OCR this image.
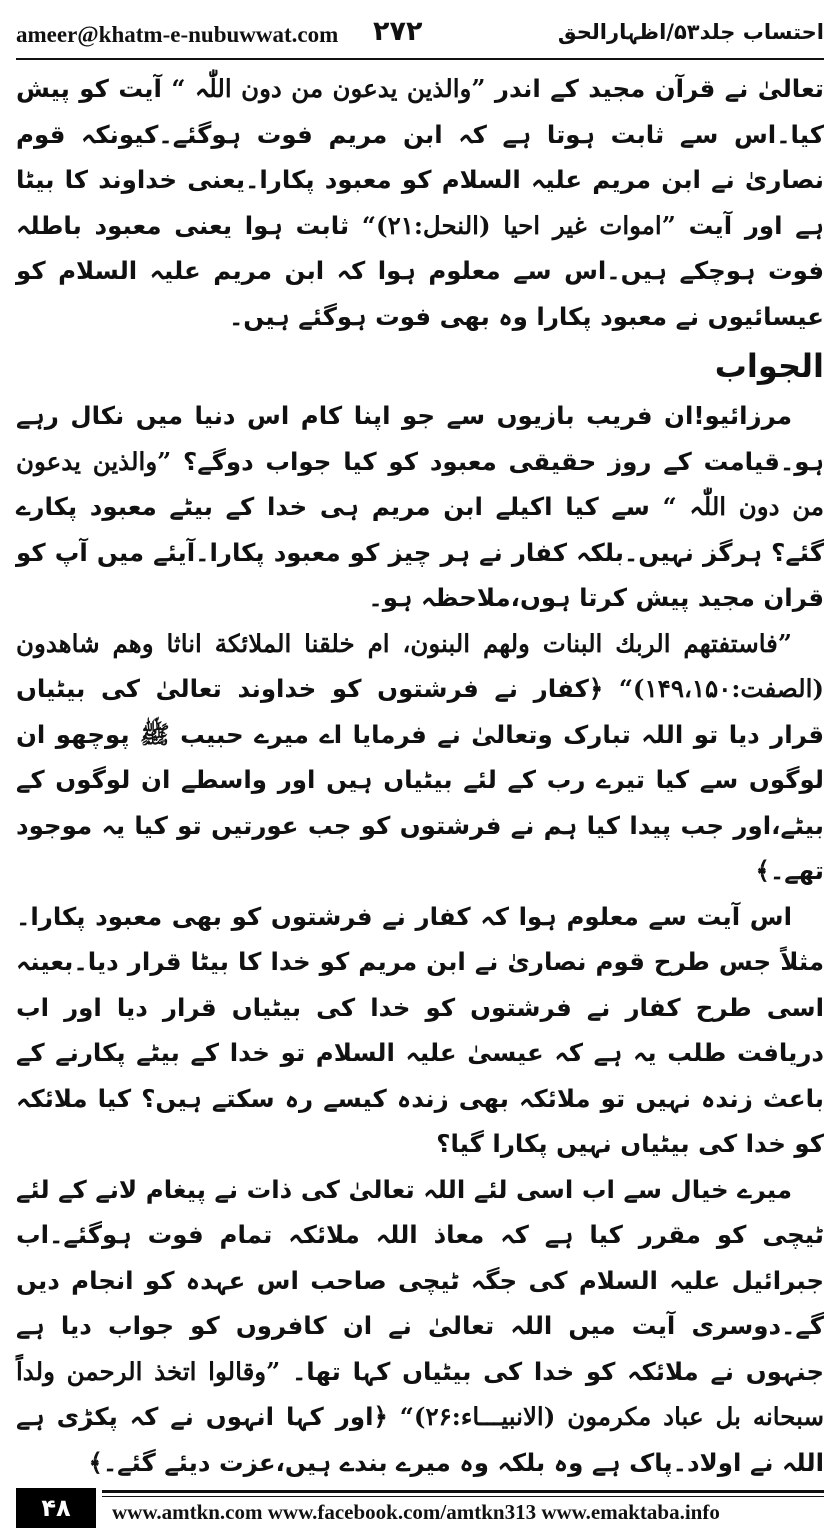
ameer@khatm-e-nubuwwat.com ۲۷۲	احتساب جلد۵۳/اظہارالحق

تعالیٰ نے قرآن مجید کے اندر ”والذین یدعون من دون اللّٰہ “ آیت کو پیش کیا۔اس سے ثابت ہوتا ہے کہ ابن مریم فوت ہوگئے۔کیونکہ قوم نصاریٰ نے ابن مریم علیہ السلام کو معبود پکارا۔یعنی خداوند کا بیٹا ہے اور آیت ”اموات غیر احیا (النحل:۲۱)“ ثابت ہوا یعنی معبود باطلہ فوت ہوچکے ہیں۔اس سے معلوم ہوا کہ ابن مریم علیہ السلام کو عیسائیوں نے معبود پکارا وہ بھی فوت ہوگئے ہیں۔

الجواب

مرزائیو!ان فریب بازیوں سے جو اپنا کام اس دنیا میں نکال رہے ہو۔قیامت کے روز حقیقی معبود کو کیا جواب دوگے؟ ”والذین یدعون من دون اللّٰہ “ سے کیا اکیلے ابن مریم ہی خدا کے بیٹے معبود پکارے گئے؟ ہرگز نہیں۔بلکہ کفار نے ہر چیز کو معبود پکارا۔آیئے میں آپ کو قران مجید پیش کرتا ہوں،ملاحظہ ہو۔

”فاستفتھم الربك البنات ولھم البنون، ام خلقنا الملائكة اناثا وھم شاھدون (الصفت:۱۴۹،۱۵۰)“ ﴿کفار نے فرشتوں کو خداوند تعالیٰ کی بیٹیاں قرار دیا تو اللہ تبارک وتعالیٰ نے فرمایا اے میرے حبیب ﷺ پوچھو ان لوگوں سے کیا تیرے رب کے لئے بیٹیاں ہیں اور واسطے ان لوگوں کے بیٹے،اور جب پیدا کیا ہم نے فرشتوں کو جب عورتیں تو کیا یہ موجود تھے۔﴾

اس آیت سے معلوم ہوا کہ کفار نے فرشتوں کو بھی معبود پکارا۔مثلاً جس طرح قوم نصاریٰ نے ابن مریم کو خدا کا بیٹا قرار دیا۔بعینہ اسی طرح کفار نے فرشتوں کو خدا کی بیٹیاں قرار دیا اور اب دریافت طلب یہ ہے کہ عیسیٰ علیہ السلام تو خدا کے بیٹے پکارنے کے باعث زندہ نہیں تو ملائکہ بھی زندہ کیسے رہ سکتے ہیں؟ کیا ملائکہ کو خدا کی بیٹیاں نہیں پکارا گیا؟

میرے خیال سے اب اسی لئے اللہ تعالیٰ کی ذات نے پیغام لانے کے لئے ٹیچی کو مقرر کیا ہے کہ معاذ اللہ ملائکہ تمام فوت ہوگئے۔اب جبرائیل علیہ السلام کی جگہ ٹیچی صاحب اس عہدہ کو انجام دیں گے۔دوسری آیت میں اللہ تعالیٰ نے ان کافروں کو جواب دیا ہے جنہوں نے ملائکہ کو خدا کی بیٹیاں کہا تھا۔ ”وقالوا اتخذ الرحمن ولداً سبحانه بل عباد مكرمون (الانبیـــاء:۲۶)“ ﴿اور کہا انہوں نے کہ پکڑی ہے اللہ نے اولاد۔پاک ہے وہ بلکہ وہ میرے بندے ہیں،عزت دیئے گئے۔﴾

۴۸	www.amtkn.com www.facebook.com/amtkn313 www.emaktaba.info
